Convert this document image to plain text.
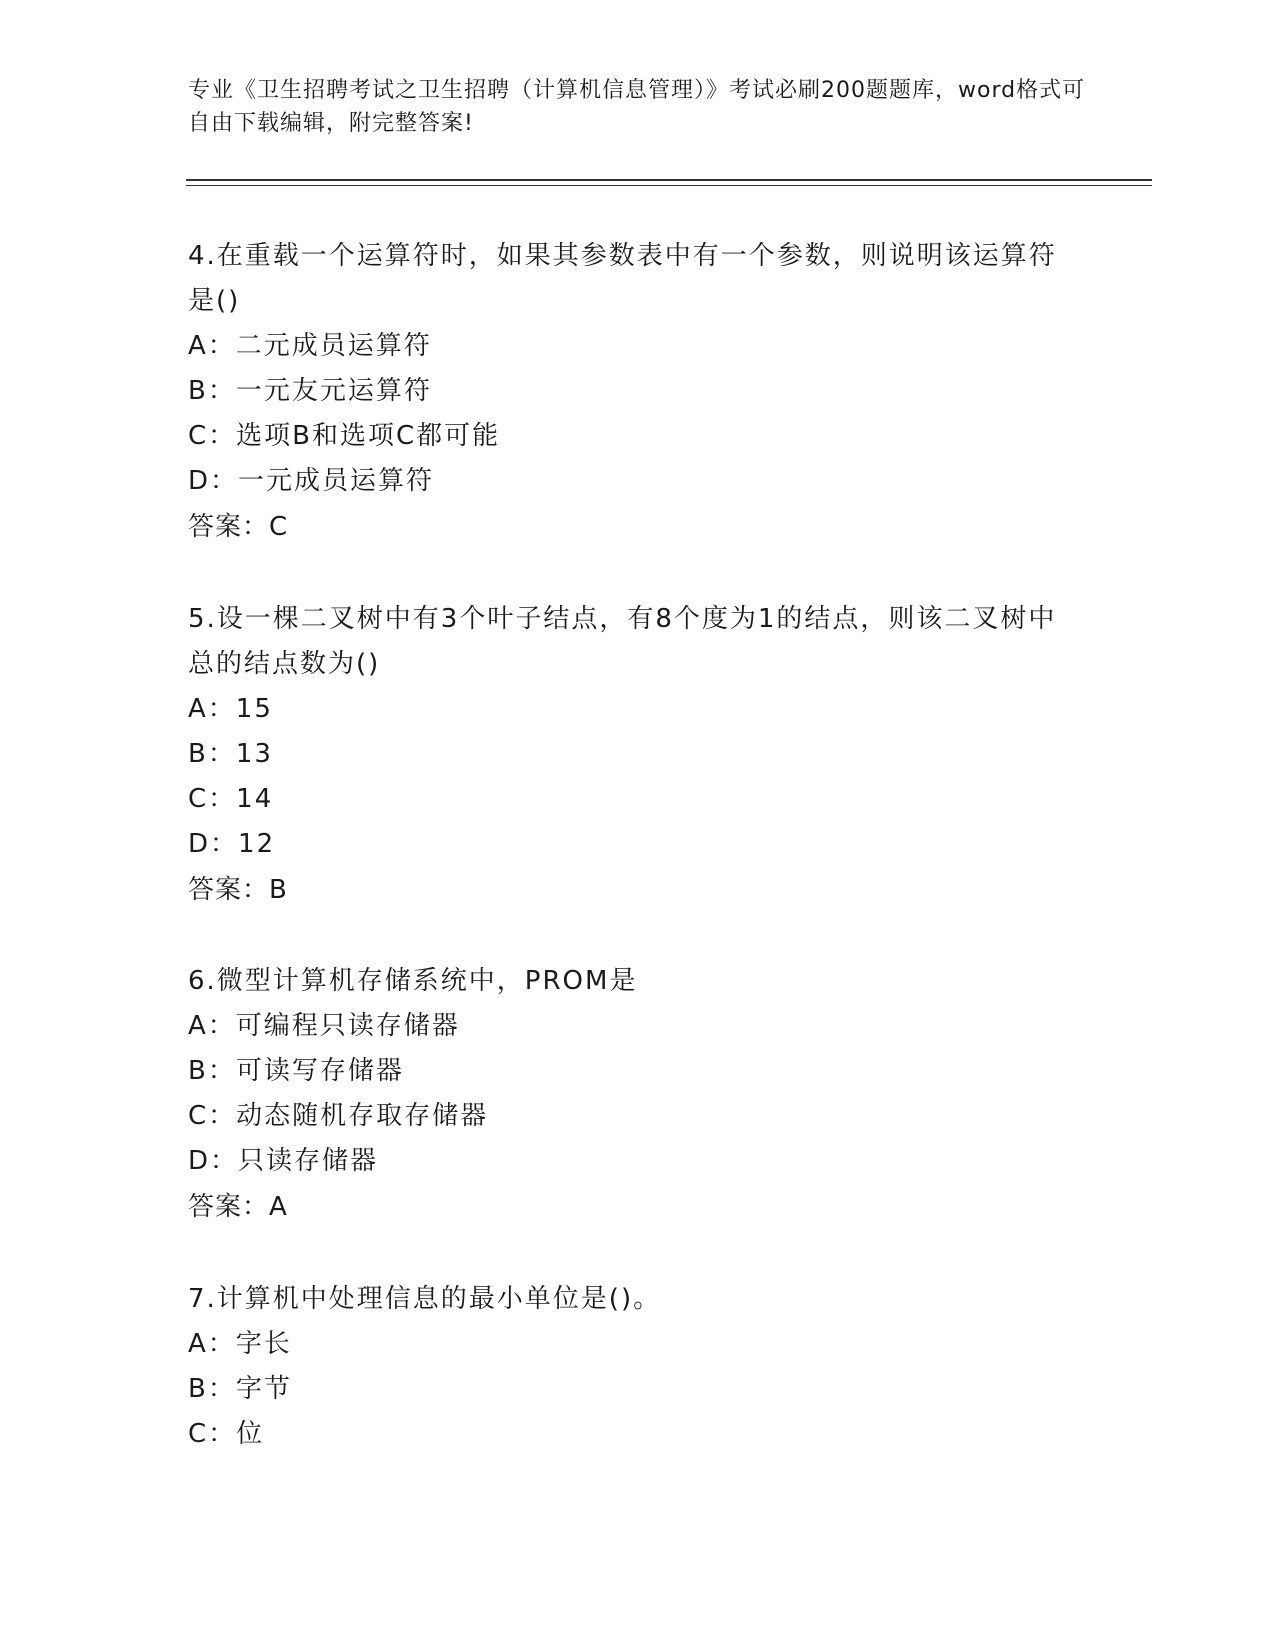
专业《卫生招聘考试之卫生招聘（计算机信息管理）》考试必刷200题题库，word格式可自由下载编辑，附完整答案!
4.在重载一个运算符时，如果其参数表中有一个参数，则说明该运算符是()
A：二元成员运算符
B：一元友元运算符
C：选项B和选项C都可能
D：一元成员运算符
答案：C
5.设一棵二叉树中有3个叶子结点，有8个度为1的结点，则该二叉树中总的结点数为()
A：15
B：13
C：14
D：12
答案：B
6.微型计算机存储系统中，PROM是
A：可编程只读存储器
B：可读写存储器
C：动态随机存取存储器
D：只读存储器
答案：A
7.计算机中处理信息的最小单位是()。
A：字长
B：字节
C：位
